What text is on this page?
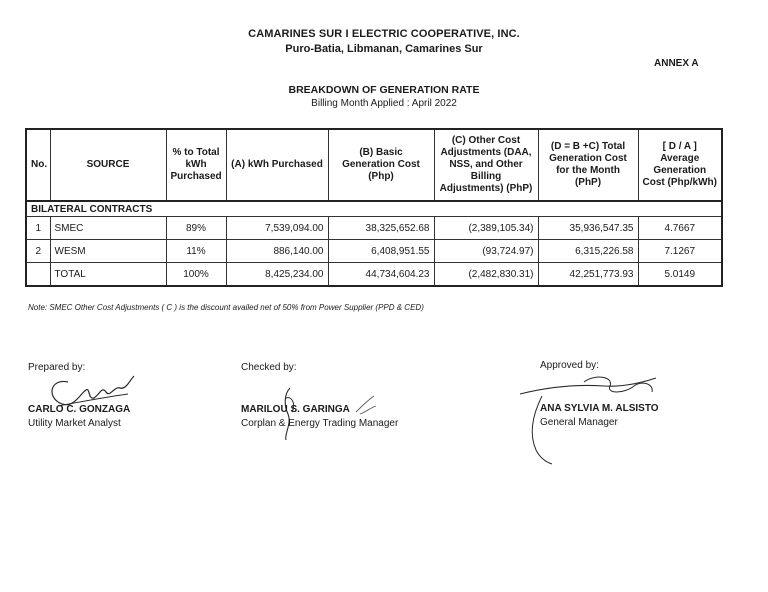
CAMARINES SUR I ELECTRIC COOPERATIVE, INC.
Puro-Batia, Libmanan, Camarines Sur
ANNEX A
BREAKDOWN OF GENERATION RATE
Billing Month Applied : April 2022
No.	SOURCE	% to Total kWh Purchased	(A) kWh Purchased	(B) Basic Generation Cost (Php)	(C) Other Cost Adjustments (DAA, NSS, and Other Billing Adjustments) (PhP)	(D = B +C) Total Generation Cost for the Month (PhP)	[ D / A ] Average Generation Cost (Php/kWh)
BILATERAL CONTRACTS							
1	SMEC	89%	7,539,094.00	38,325,652.68	(2,389,105.34)	35,936,547.35	4.7667
2	WESM	11%	886,140.00	6,408,951.55	(93,724.97)	6,315,226.58	7.1267
	TOTAL	100%	8,425,234.00	44,734,604.23	(2,482,830.31)	42,251,773.93	5.0149
Note: SMEC Other Cost Adjustments ( C ) is the discount availed net of 50% from Power Supplier (PPD & CED)
Prepared by:
CARLO C. GONZAGA
Utility Market Analyst
Checked by:
MARILOU S. GARINGA
Corplan & Energy Trading Manager
Approved by:
ANA SYLVIA M. ALSISTO
General Manager
